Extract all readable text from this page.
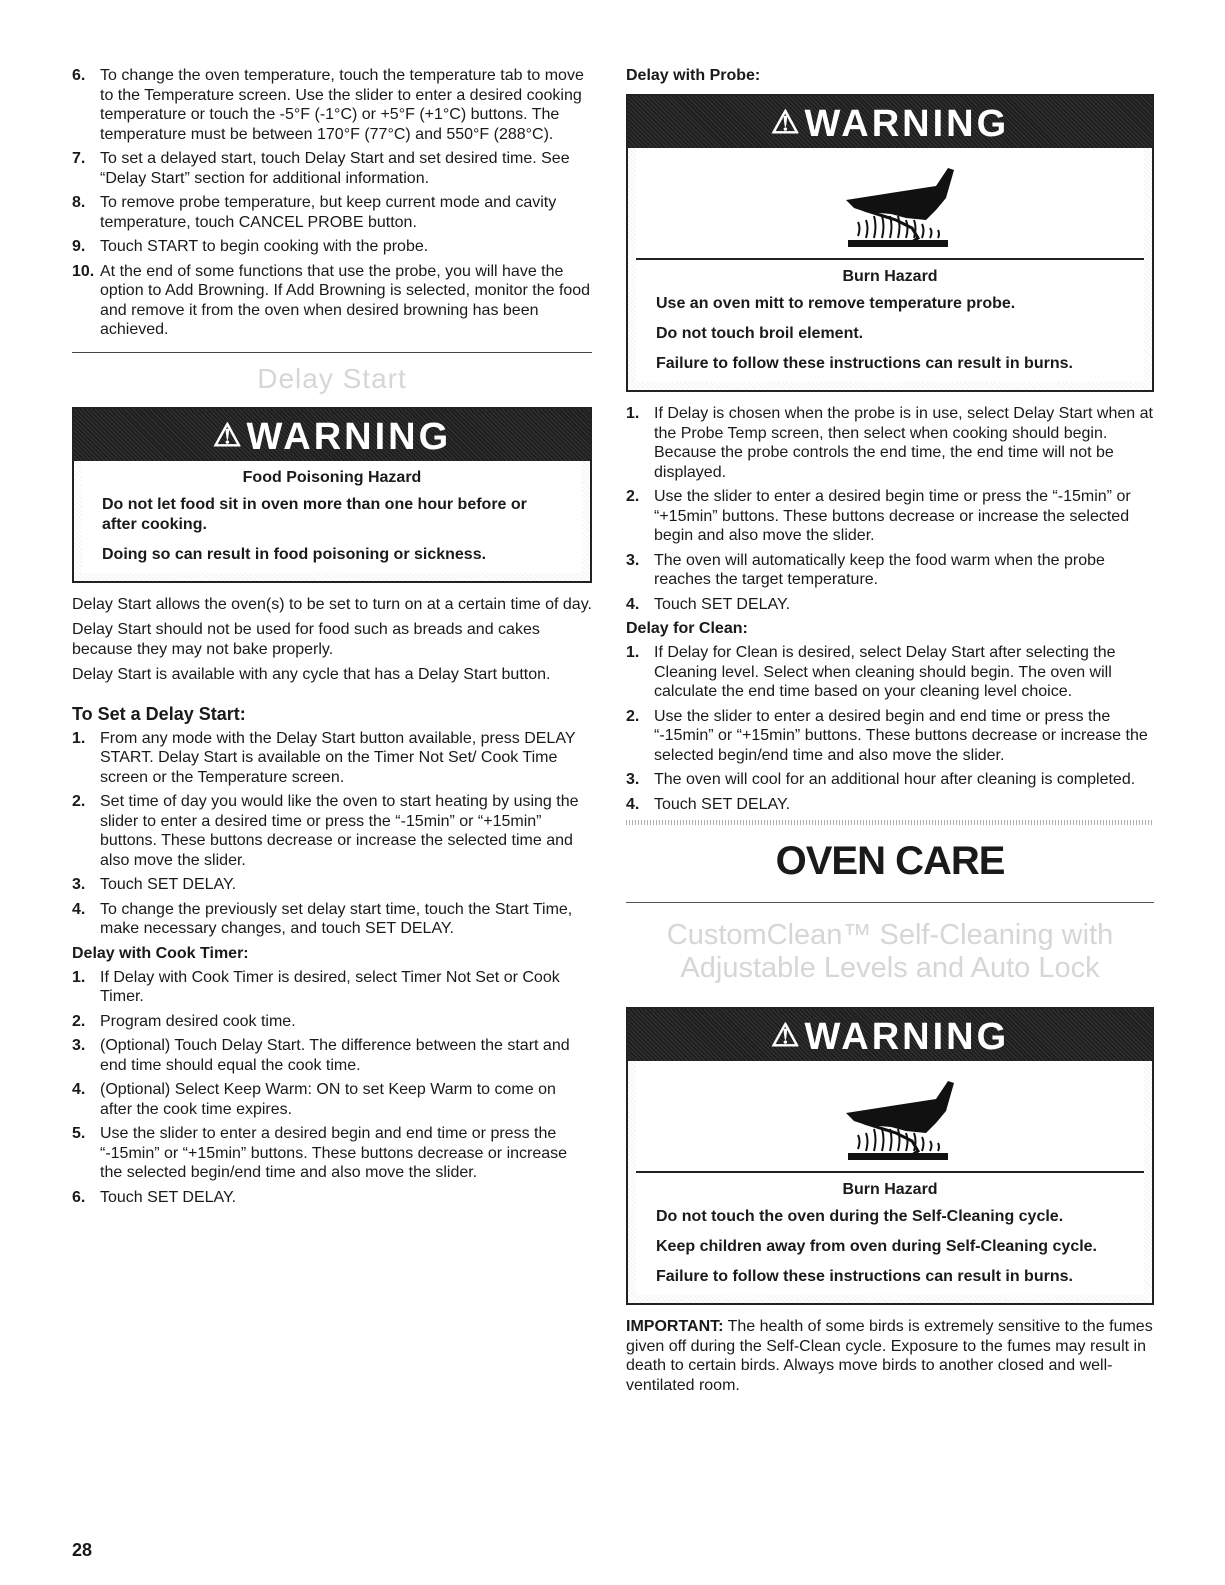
6. To change the oven temperature, touch the temperature tab to move to the Temperature screen. Use the slider to enter a desired cooking temperature or touch the -5°F (-1°C) or +5°F (+1°C) buttons. The temperature must be between 170°F (77°C) and 550°F (288°C).
7. To set a delayed start, touch Delay Start and set desired time. See “Delay Start” section for additional information.
8. To remove probe temperature, but keep current mode and cavity temperature, touch CANCEL PROBE button.
9. Touch START to begin cooking with the probe.
10. At the end of some functions that use the probe, you will have the option to Add Browning. If Add Browning is selected, monitor the food and remove it from the oven when desired browning has been achieved.
Delay Start
⚠WARNING
Food Poisoning Hazard
Do not let food sit in oven more than one hour before or after cooking.
Doing so can result in food poisoning or sickness.

Delay Start allows the oven(s) to be set to turn on at a certain time of day.

Delay Start should not be used for food such as breads and cakes because they may not bake properly.

Delay Start is available with any cycle that has a Delay Start button.

To Set a Delay Start:
1. From any mode with the Delay Start button available, press DELAY START. Delay Start is available on the Timer Not Set/ Cook Time screen or the Temperature screen.
2. Set time of day you would like the oven to start heating by using the slider to enter a desired time or press the “-15min” or “+15min” buttons. These buttons decrease or increase the selected time and also move the slider.
3. Touch SET DELAY.
4. To change the previously set delay start time, touch the Start Time, make necessary changes, and touch SET DELAY.
Delay with Cook Timer:
1. If Delay with Cook Timer is desired, select Timer Not Set or Cook Timer.
2. Program desired cook time.
3. (Optional) Touch Delay Start. The difference between the start and end time should equal the cook time.
4. (Optional) Select Keep Warm: ON to set Keep Warm to come on after the cook time expires.
5. Use the slider to enter a desired begin and end time or press the “-15min” or “+15min” buttons. These buttons decrease or increase the selected begin/end time and also move the slider.
6. Touch SET DELAY.
Delay with Probe:
⚠WARNING
Burn Hazard
Use an oven mitt to remove temperature probe.
Do not touch broil element.
Failure to follow these instructions can result in burns.
1. If Delay is chosen when the probe is in use, select Delay Start when at the Probe Temp screen, then select when cooking should begin. Because the probe controls the end time, the end time will not be displayed.
2. Use the slider to enter a desired begin time or press the “-15min” or “+15min” buttons. These buttons decrease or increase the selected begin and also move the slider.
3. The oven will automatically keep the food warm when the probe reaches the target temperature.
4. Touch SET DELAY.
Delay for Clean:
1. If Delay for Clean is desired, select Delay Start after selecting the Cleaning level. Select when cleaning should begin. The oven will calculate the end time based on your cleaning level choice.
2. Use the slider to enter a desired begin and end time or press the “-15min” or “+15min” buttons. These buttons decrease or increase the selected begin/end time and also move the slider.
3. The oven will cool for an additional hour after cleaning is completed.
4. Touch SET DELAY.
OVEN CARE
CustomClean™ Self-Cleaning with Adjustable Levels and Auto Lock
⚠WARNING
Burn Hazard
Do not touch the oven during the Self-Cleaning cycle.
Keep children away from oven during Self-Cleaning cycle.
Failure to follow these instructions can result in burns.

IMPORTANT: The health of some birds is extremely sensitive to the fumes given off during the Self-Clean cycle. Exposure to the fumes may result in death to certain birds. Always move birds to another closed and well-ventilated room.

28
